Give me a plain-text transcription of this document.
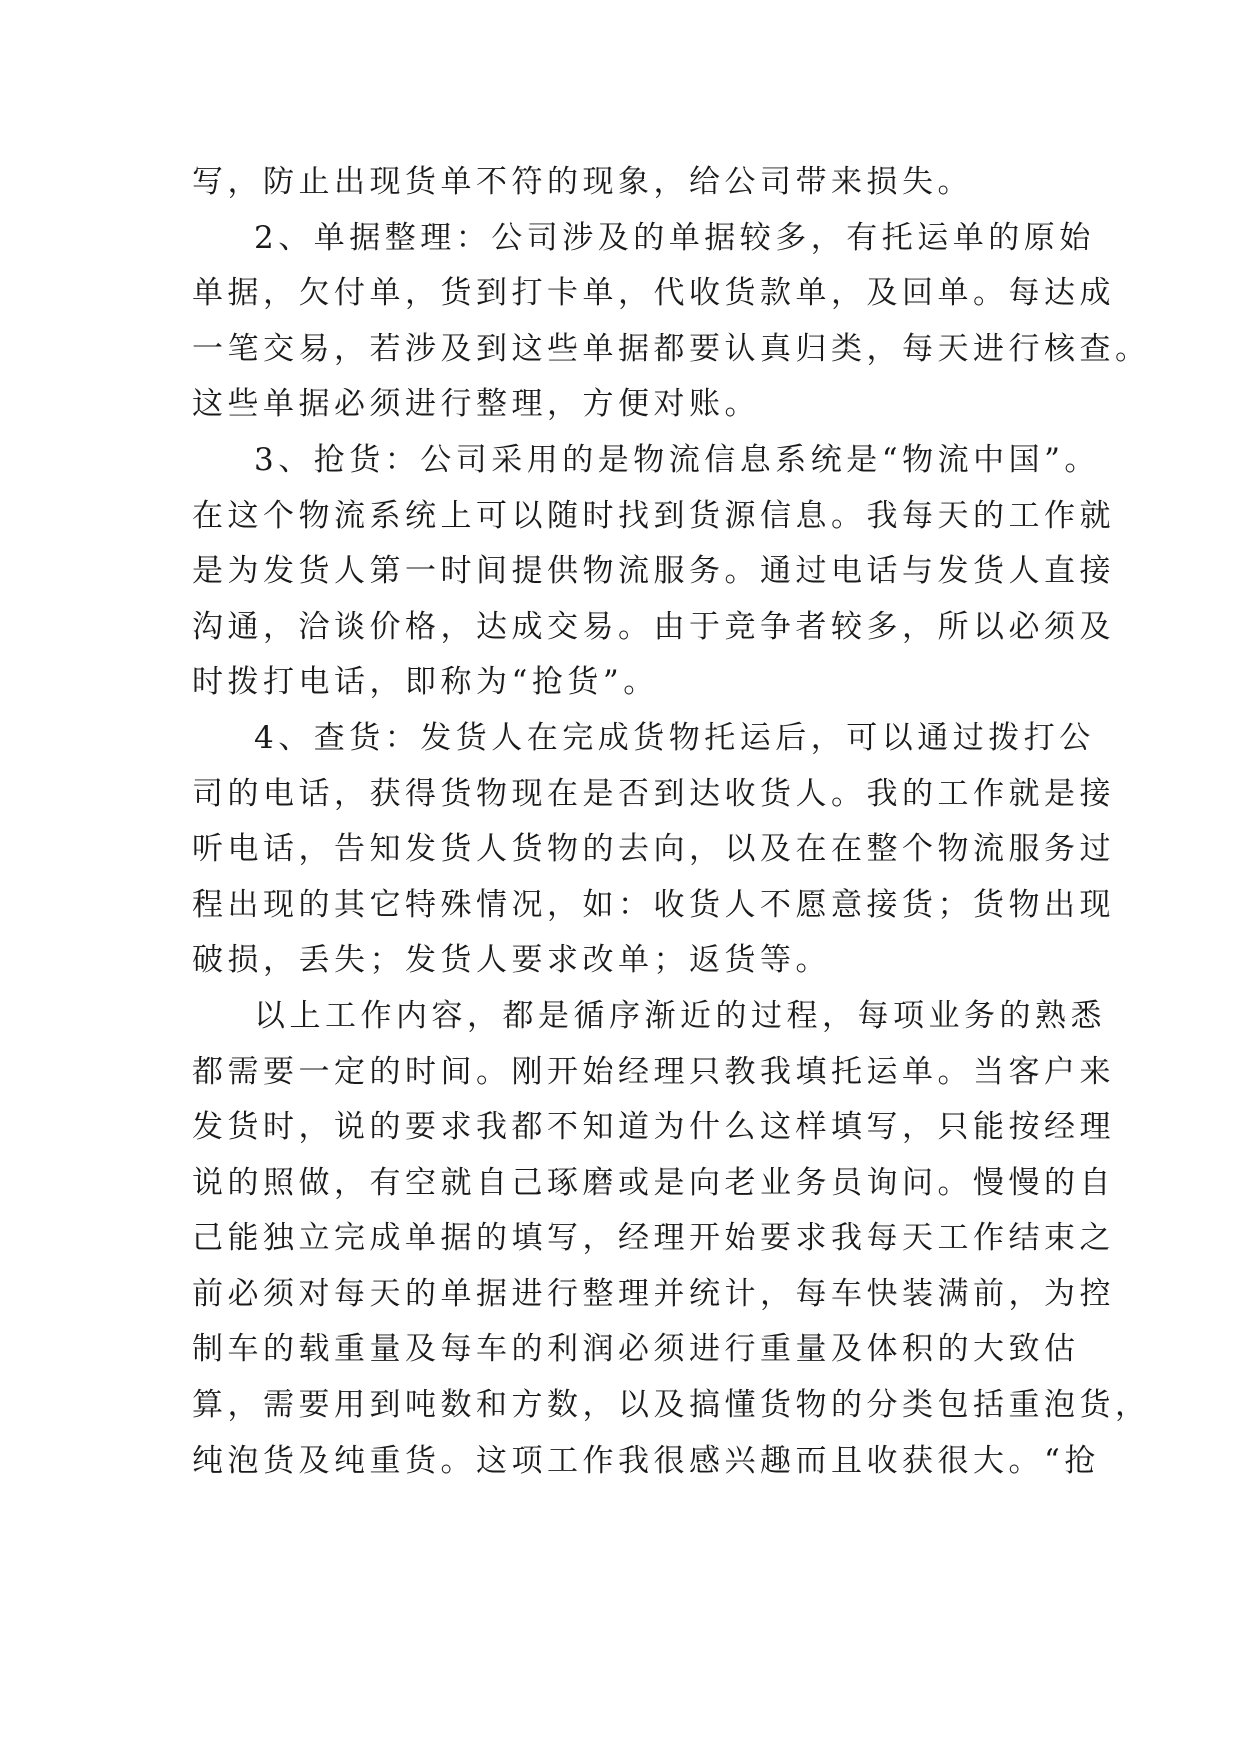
写，防止出现货单不符的现象，给公司带来损失。
2、单据整理：公司涉及的单据较多，有托运单的原始
单据，欠付单，货到打卡单，代收货款单，及回单。每达成
一笔交易，若涉及到这些单据都要认真归类，每天进行核查。
这些单据必须进行整理，方便对账。
3、抢货：公司采用的是物流信息系统是“物流中国”。
在这个物流系统上可以随时找到货源信息。我每天的工作就
是为发货人第一时间提供物流服务。通过电话与发货人直接
沟通，洽谈价格，达成交易。由于竞争者较多，所以必须及
时拨打电话，即称为“抢货”。
4、查货：发货人在完成货物托运后，可以通过拨打公
司的电话，获得货物现在是否到达收货人。我的工作就是接
听电话，告知发货人货物的去向，以及在在整个物流服务过
程出现的其它特殊情况，如：收货人不愿意接货；货物出现
破损，丢失；发货人要求改单；返货等。
以上工作内容，都是循序渐近的过程，每项业务的熟悉
都需要一定的时间。刚开始经理只教我填托运单。当客户来
发货时，说的要求我都不知道为什么这样填写，只能按经理
说的照做，有空就自己琢磨或是向老业务员询问。慢慢的自
己能独立完成单据的填写，经理开始要求我每天工作结束之
前必须对每天的单据进行整理并统计，每车快装满前，为控
制车的载重量及每车的利润必须进行重量及体积的大致估
算，需要用到吨数和方数，以及搞懂货物的分类包括重泡货，
纯泡货及纯重货。这项工作我很感兴趣而且收获很大。“抢
